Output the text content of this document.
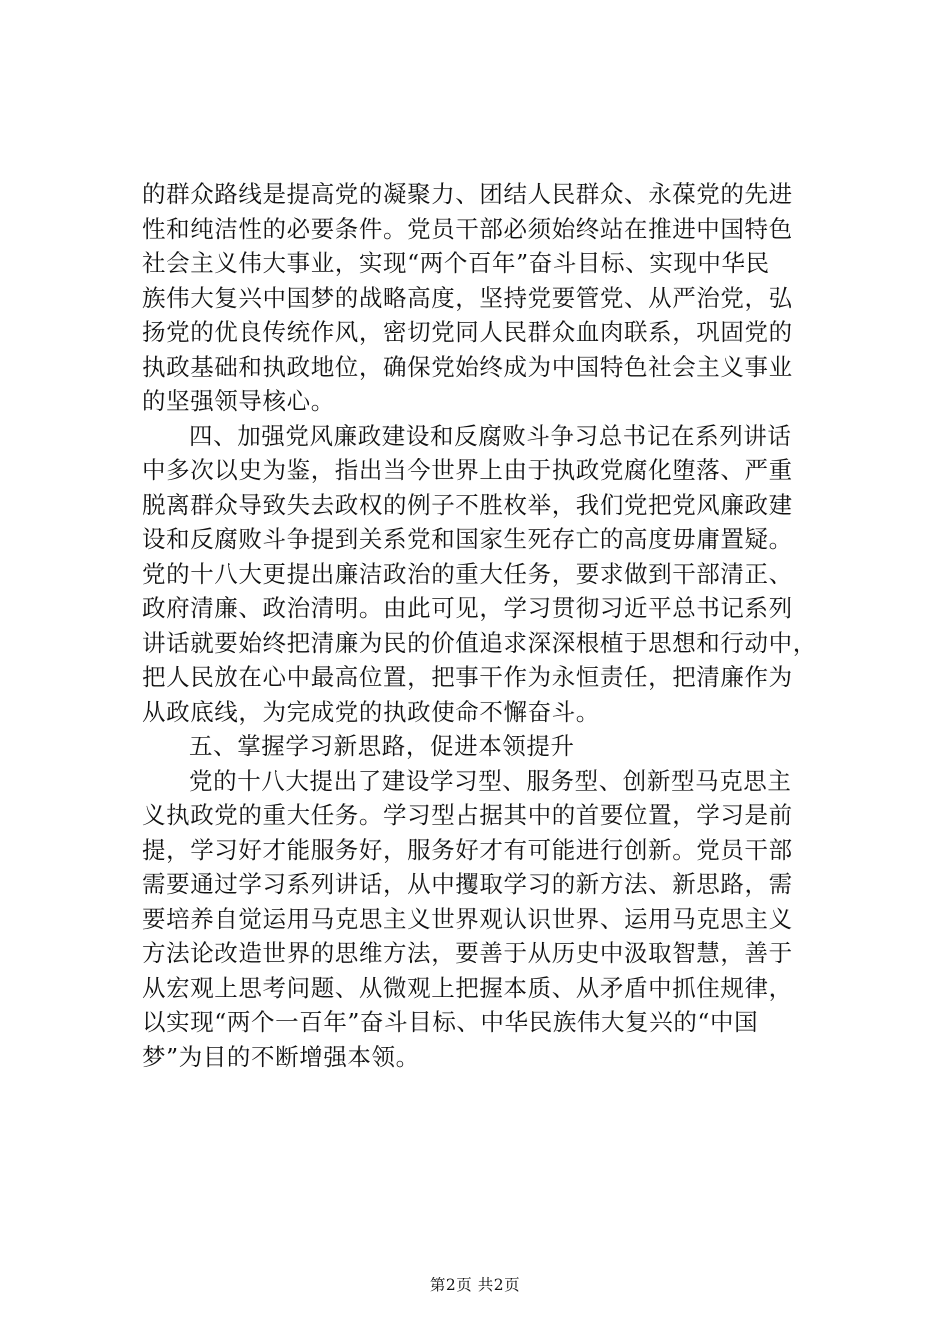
的群众路线是提高党的凝聚力、团结人民群众、永葆党的先进
性和纯洁性的必要条件。党员干部必须始终站在推进中国特色
社会主义伟大事业，实现“两个百年”奋斗目标、实现中华民
族伟大复兴中国梦的战略高度，坚持党要管党、从严治党，弘
扬党的优良传统作风，密切党同人民群众血肉联系，巩固党的
执政基础和执政地位，确保党始终成为中国特色社会主义事业
的坚强领导核心。
四、加强党风廉政建设和反腐败斗争习总书记在系列讲话
中多次以史为鉴，指出当今世界上由于执政党腐化堕落、严重
脱离群众导致失去政权的例子不胜枚举，我们党把党风廉政建
设和反腐败斗争提到关系党和国家生死存亡的高度毋庸置疑。
党的十八大更提出廉洁政治的重大任务，要求做到干部清正、
政府清廉、政治清明。由此可见，学习贯彻习近平总书记系列
讲话就要始终把清廉为民的价值追求深深根植于思想和行动中，
把人民放在心中最高位置，把事干作为永恒责任，把清廉作为
从政底线，为完成党的执政使命不懈奋斗。
五、掌握学习新思路，促进本领提升
党的十八大提出了建设学习型、服务型、创新型马克思主
义执政党的重大任务。学习型占据其中的首要位置，学习是前
提，学习好才能服务好，服务好才有可能进行创新。党员干部
需要通过学习系列讲话，从中攫取学习的新方法、新思路，需
要培养自觉运用马克思主义世界观认识世界、运用马克思主义
方法论改造世界的思维方法，要善于从历史中汲取智慧，善于
从宏观上思考问题、从微观上把握本质、从矛盾中抓住规律，
以实现“两个一百年”奋斗目标、中华民族伟大复兴的“中国
梦”为目的不断增强本领。
第2页 共2页
